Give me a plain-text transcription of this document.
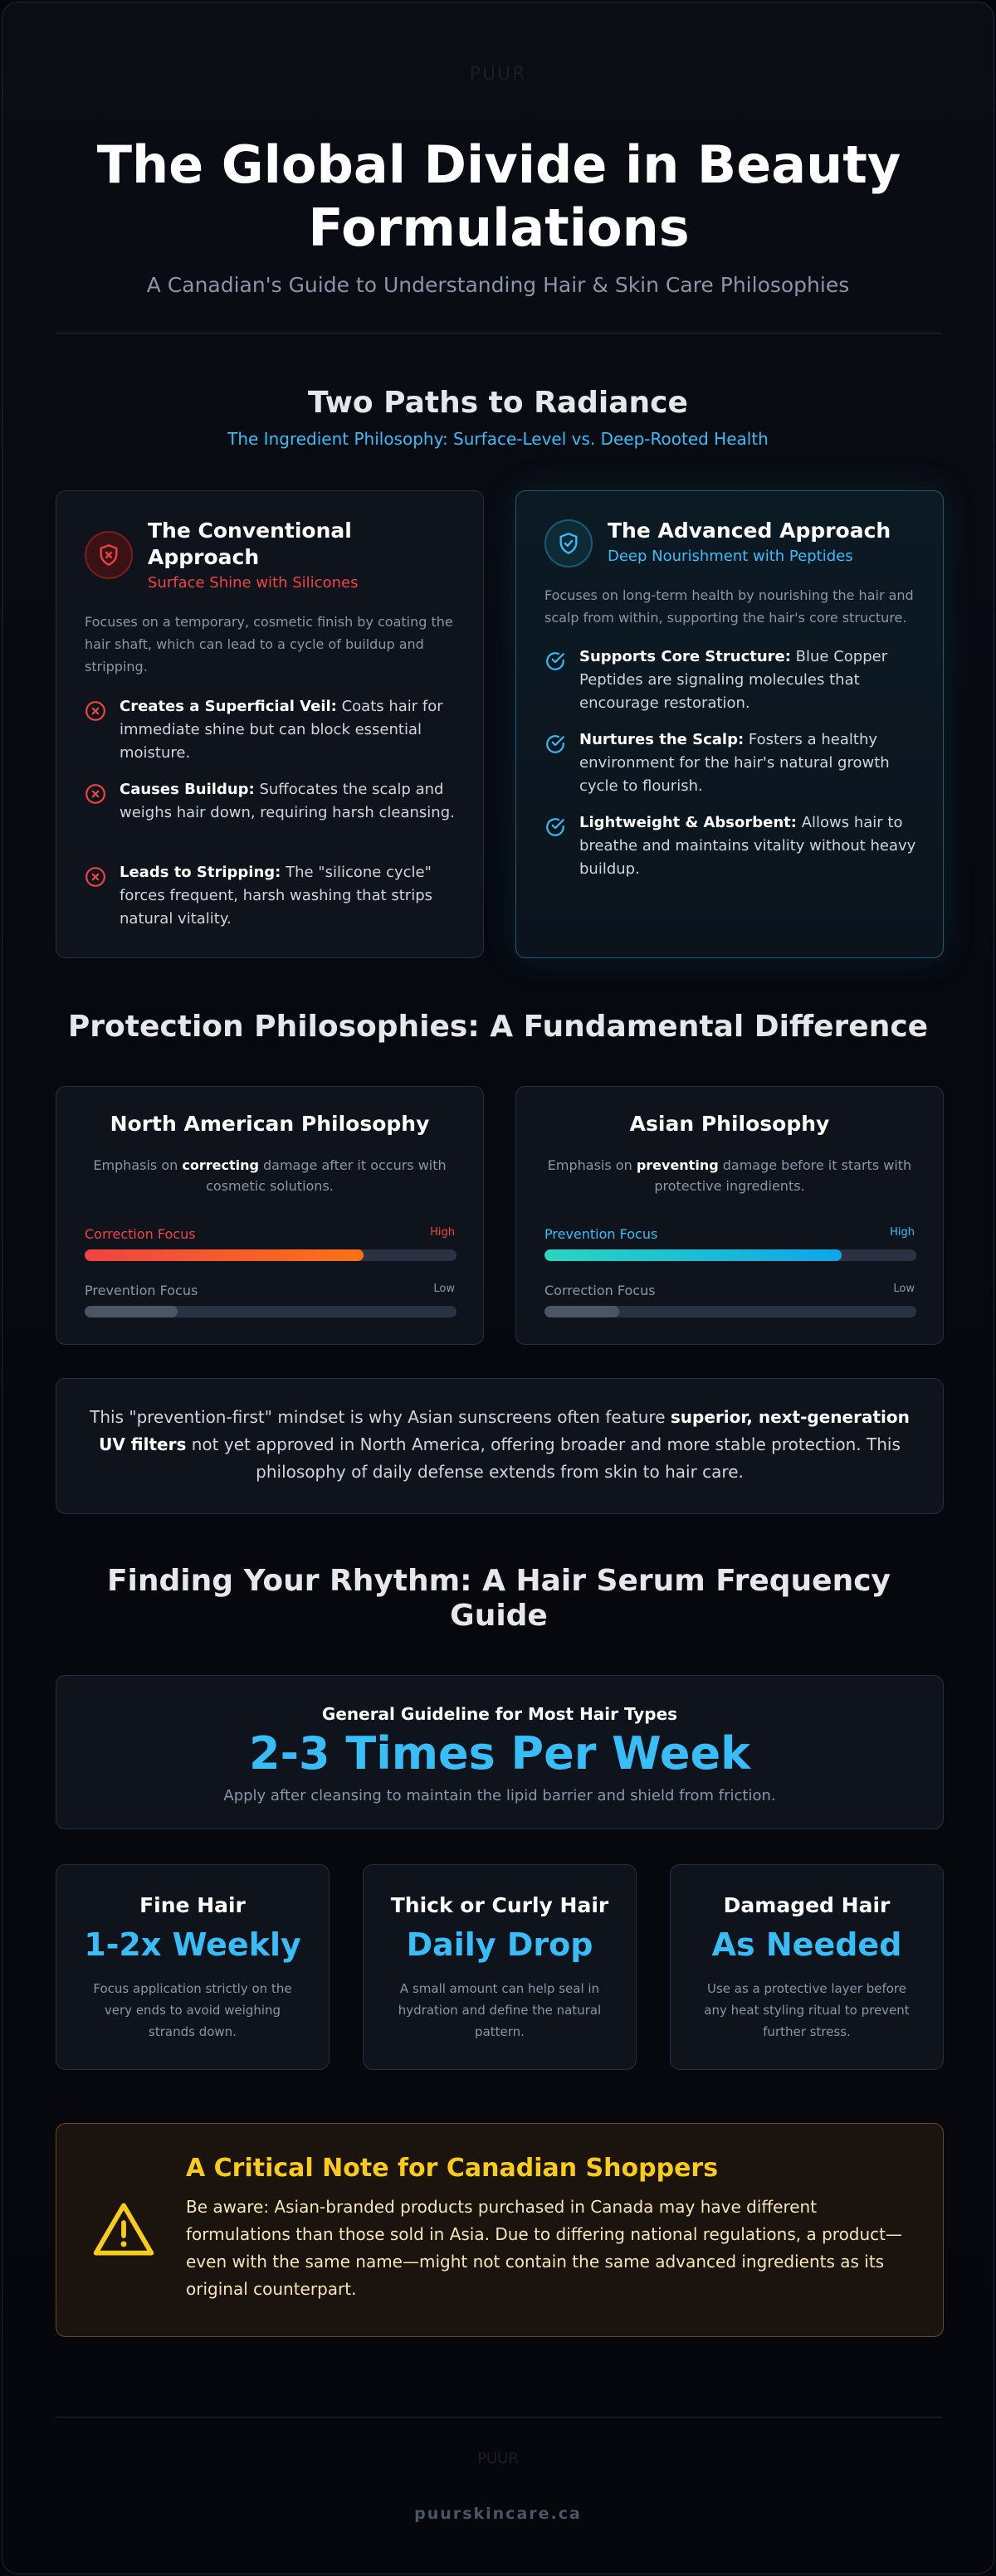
PUUR
The Global Divide in Beauty Formulations
A Canadian's Guide to Understanding Hair & Skin Care Philosophies
Two Paths to Radiance
The Ingredient Philosophy: Surface-Level vs. Deep-Rooted Health
The Conventional Approach
Surface Shine with Silicones
Focuses on a temporary, cosmetic finish by coating the hair shaft, which can lead to a cycle of buildup and stripping.
Creates a Superficial Veil: Coats hair for immediate shine but can block essential moisture.
Causes Buildup: Suffocates the scalp and weighs hair down, requiring harsh cleansing.
Leads to Stripping: The "silicone cycle" forces frequent, harsh washing that strips natural vitality.
The Advanced Approach
Deep Nourishment with Peptides
Focuses on long-term health by nourishing the hair and scalp from within, supporting the hair's core structure.
Supports Core Structure: Blue Copper Peptides are signaling molecules that encourage restoration.
Nurtures the Scalp: Fosters a healthy environment for the hair's natural growth cycle to flourish.
Lightweight & Absorbent: Allows hair to breathe and maintains vitality without heavy buildup.
Protection Philosophies: A Fundamental Difference
North American Philosophy
Emphasis on correcting damage after it occurs with cosmetic solutions.
Correction Focus	High
Prevention Focus	Low
Asian Philosophy
Emphasis on preventing damage before it starts with protective ingredients.
Prevention Focus	High
Correction Focus	Low
This "prevention-first" mindset is why Asian sunscreens often feature superior, next-generation UV filters not yet approved in North America, offering broader and more stable protection. This philosophy of daily defense extends from skin to hair care.
Finding Your Rhythm: A Hair Serum Frequency Guide
General Guideline for Most Hair Types
2-3 Times Per Week
Apply after cleansing to maintain the lipid barrier and shield from friction.
Fine Hair
1-2x Weekly
Focus application strictly on the very ends to avoid weighing strands down.
Thick or Curly Hair
Daily Drop
A small amount can help seal in hydration and define the natural pattern.
Damaged Hair
As Needed
Use as a protective layer before any heat styling ritual to prevent further stress.
A Critical Note for Canadian Shoppers
Be aware: Asian-branded products purchased in Canada may have different formulations than those sold in Asia. Due to differing national regulations, a product—even with the same name—might not contain the same advanced ingredients as its original counterpart.
PUUR
puurskincare.ca
